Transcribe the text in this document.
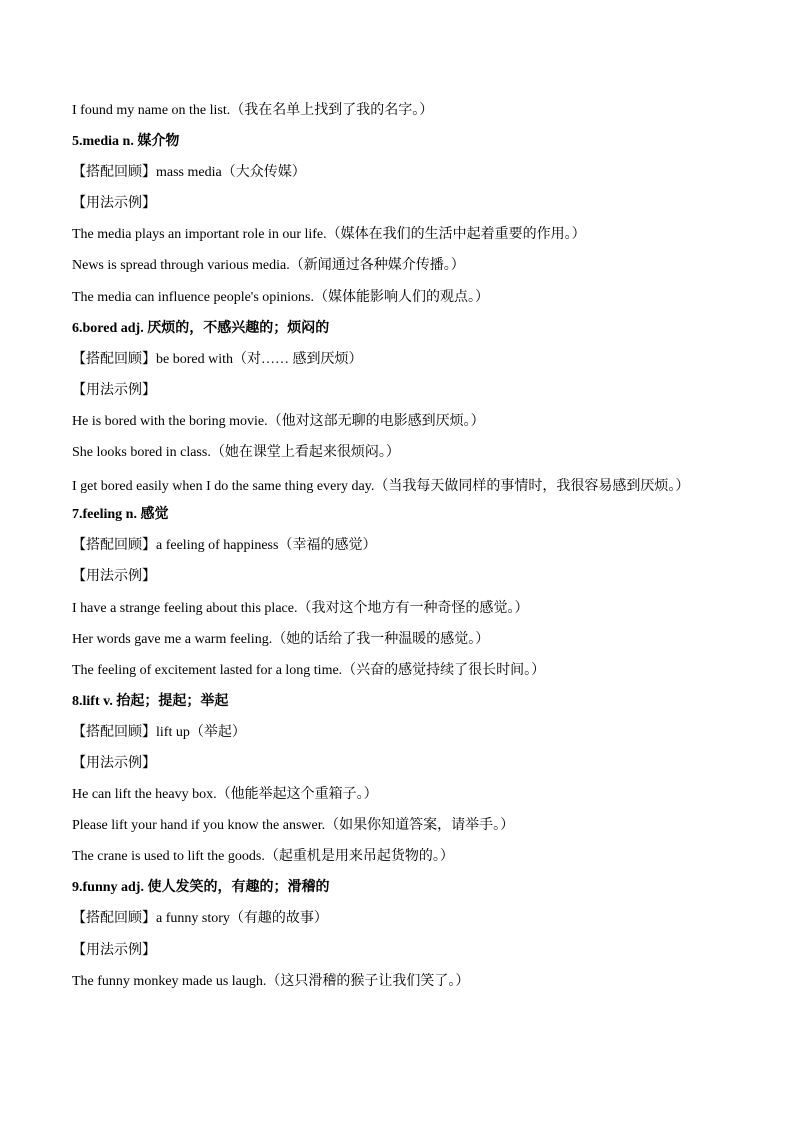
I found my name on the list.（我在名单上找到了我的名字。）
5.media n. 媒介物
【搭配回顾】mass media（大众传媒）
【用法示例】
The media plays an important role in our life.（媒体在我们的生活中起着重要的作用。）
News is spread through various media.（新闻通过各种媒介传播。）
The media can influence people's opinions.（媒体能影响人们的观点。）
6.bored adj. 厌烦的，不感兴趣的；烦闷的
【搭配回顾】be bored with（对…… 感到厌烦）
【用法示例】
He is bored with the boring movie.（他对这部无聊的电影感到厌烦。）
She looks bored in class.（她在课堂上看起来很烦闷。）
I get bored easily when I do the same thing every day.（当我每天做同样的事情时，我很容易感到厌烦。）
7.feeling n. 感觉
【搭配回顾】a feeling of happiness（幸福的感觉）
【用法示例】
I have a strange feeling about this place.（我对这个地方有一种奇怪的感觉。）
Her words gave me a warm feeling.（她的话给了我一种温暖的感觉。）
The feeling of excitement lasted for a long time.（兴奋的感觉持续了很长时间。）
8.lift v. 抬起；提起；举起
【搭配回顾】lift up（举起）
【用法示例】
He can lift the heavy box.（他能举起这个重箱子。）
Please lift your hand if you know the answer.（如果你知道答案，请举手。）
The crane is used to lift the goods.（起重机是用来吊起货物的。）
9.funny adj. 使人发笑的，有趣的；滑稽的
【搭配回顾】a funny story（有趣的故事）
【用法示例】
The funny monkey made us laugh.（这只滑稽的猴子让我们笑了。）
